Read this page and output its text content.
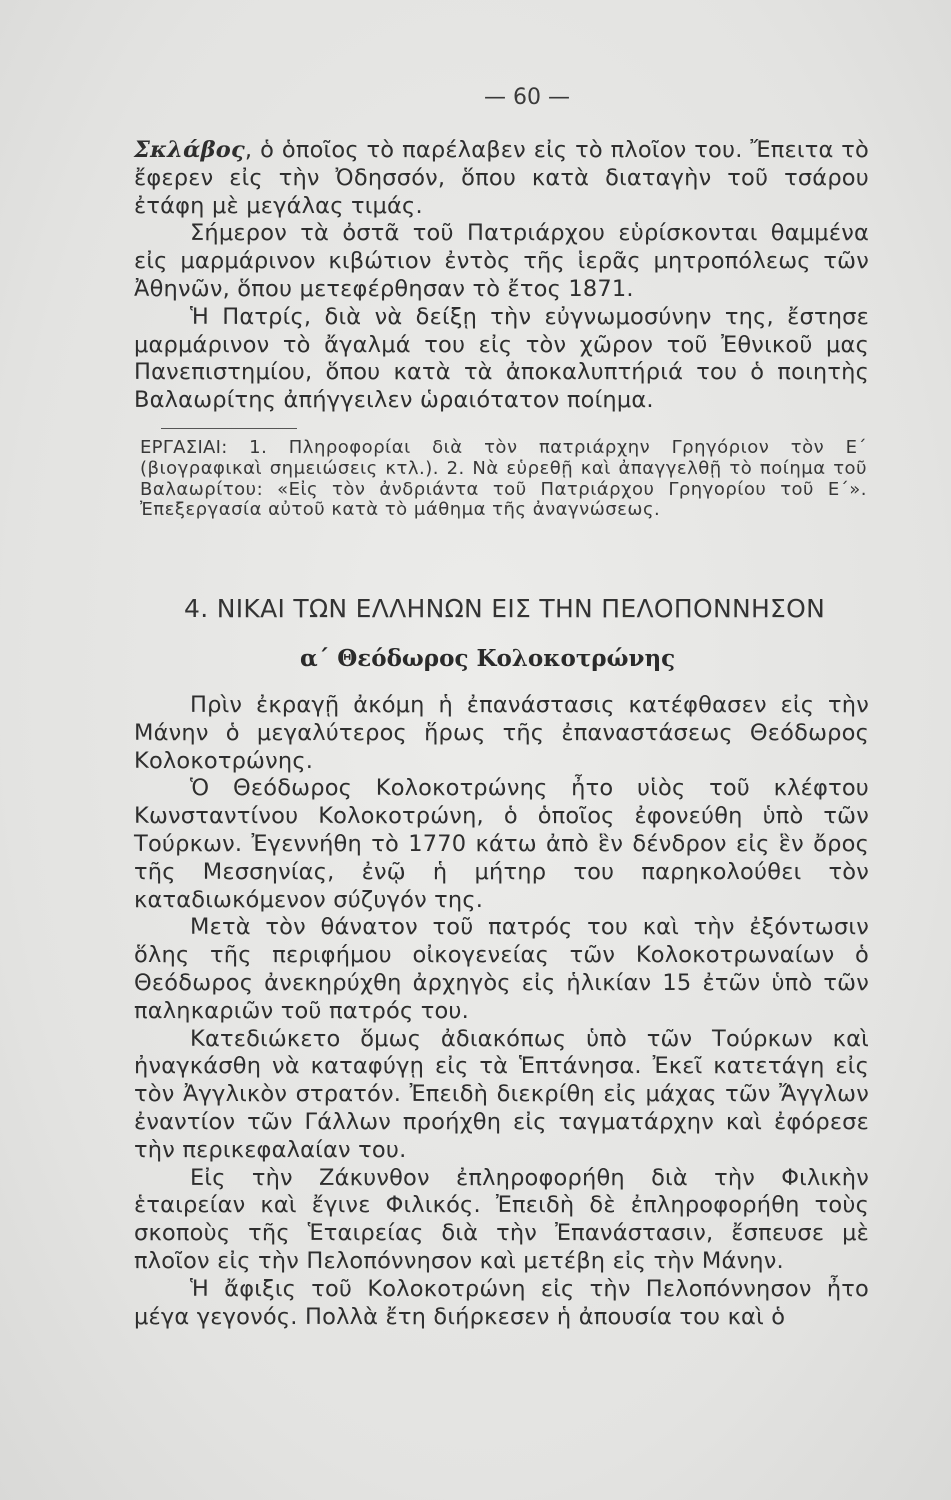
— 60 —

Σκλάβος, ὁ ὁποῖος τὸ παρέλαβεν εἰς τὸ πλοῖον του. Ἔπειτα τὸ ἔφερεν εἰς τὴν Ὀδησσόν, ὅπου κατὰ διαταγὴν τοῦ τσάρου ἐτάφη μὲ μεγάλας τιμάς.

Σήμερον τὰ ὀστᾶ τοῦ Πατριάρχου εὑρίσκονται θαμμένα εἰς μαρμάρινον κιβώτιον ἐντὸς τῆς ἱερᾶς μητροπόλεως τῶν Ἀθηνῶν, ὅπου μετεφέρθησαν τὸ ἔτος 1871.

Ἡ Πατρίς, διὰ νὰ δείξῃ τὴν εὐγνωμοσύνην της, ἔστησε μαρμάρινον τὸ ἄγαλμά του εἰς τὸν χῶρον τοῦ Ἐθνικοῦ μας Πανεπιστημίου, ὅπου κατὰ τὰ ἀποκαλυπτήριά του ὁ ποιητὴς Βαλαωρίτης ἀπήγγειλεν ὡραιότατον ποίημα.

ΕΡΓΑΣΙΑΙ: 1. Πληροφορίαι διὰ τὸν πατριάρχην Γρηγόριον τὸν Ε΄ (βιογραφικαὶ σημειώσεις κτλ.). 2. Νὰ εὑρεθῇ καὶ ἀπαγγελθῇ τὸ ποίημα τοῦ Βαλαωρίτου: «Εἰς τὸν ἀνδριάντα τοῦ Πατριάρχου Γρηγορίου τοῦ Ε΄». Ἐπεξεργασία αὐτοῦ κατὰ τὸ μάθημα τῆς ἀναγνώσεως.
4. ΝΙΚΑΙ ΤΩΝ ΕΛΛΗΝΩΝ ΕΙΣ ΤΗΝ ΠΕΛΟΠΟΝΝΗΣΟΝ
α΄ Θεόδωρος Κολοκοτρώνης

Πρὶν ἐκραγῇ ἀκόμη ἡ ἐπανάστασις κατέφθασεν εἰς τὴν Μάνην ὁ μεγαλύτερος ἥρως τῆς ἐπαναστάσεως Θεόδωρος Κολοκοτρώνης.

Ὁ Θεόδωρος Κολοκοτρώνης ἦτο υἱὸς τοῦ κλέφτου Κωνσταντίνου Κολοκοτρώνη, ὁ ὁποῖος ἐφονεύθη ὑπὸ τῶν Τούρκων. Ἐγεννήθη τὸ 1770 κάτω ἀπὸ ἓν δένδρον εἰς ἓν ὄρος τῆς Μεσσηνίας, ἐνῷ ἡ μήτηρ του παρηκολούθει τὸν καταδιωκόμενον σύζυγόν της.

Μετὰ τὸν θάνατον τοῦ πατρός του καὶ τὴν ἐξόντωσιν ὅλης τῆς περιφήμου οἰκογενείας τῶν Κολοκοτρωναίων ὁ Θεόδωρος ἀνεκηρύχθη ἀρχηγὸς εἰς ἡλικίαν 15 ἐτῶν ὑπὸ τῶν παληκαριῶν τοῦ πατρός του.

Κατεδιώκετο ὅμως ἀδιακόπως ὑπὸ τῶν Τούρκων καὶ ἠναγκάσθη νὰ καταφύγῃ εἰς τὰ Ἑπτάνησα. Ἐκεῖ κατετάγη εἰς τὸν Ἀγγλικὸν στρατόν. Ἐπειδὴ διεκρίθη εἰς μάχας τῶν Ἄγγλων ἐναντίον τῶν Γάλλων προήχθη εἰς ταγματάρχην καὶ ἐφόρεσε τὴν περικεφαλαίαν του.

Εἰς τὴν Ζάκυνθον ἐπληροφορήθη διὰ τὴν Φιλικὴν ἑταιρείαν καὶ ἔγινε Φιλικός. Ἐπειδὴ δὲ ἐπληροφορήθη τοὺς σκοποὺς τῆς Ἑταιρείας διὰ τὴν Ἐπανάστασιν, ἔσπευσε μὲ πλοῖον εἰς τὴν Πελοπόννησον καὶ μετέβη εἰς τὴν Μάνην.

Ἡ ἄφιξις τοῦ Κολοκοτρώνη εἰς τὴν Πελοπόννησον ἦτο μέγα γεγονός. Πολλὰ ἔτη διήρκεσεν ἡ ἀπουσία του καὶ ὁ
